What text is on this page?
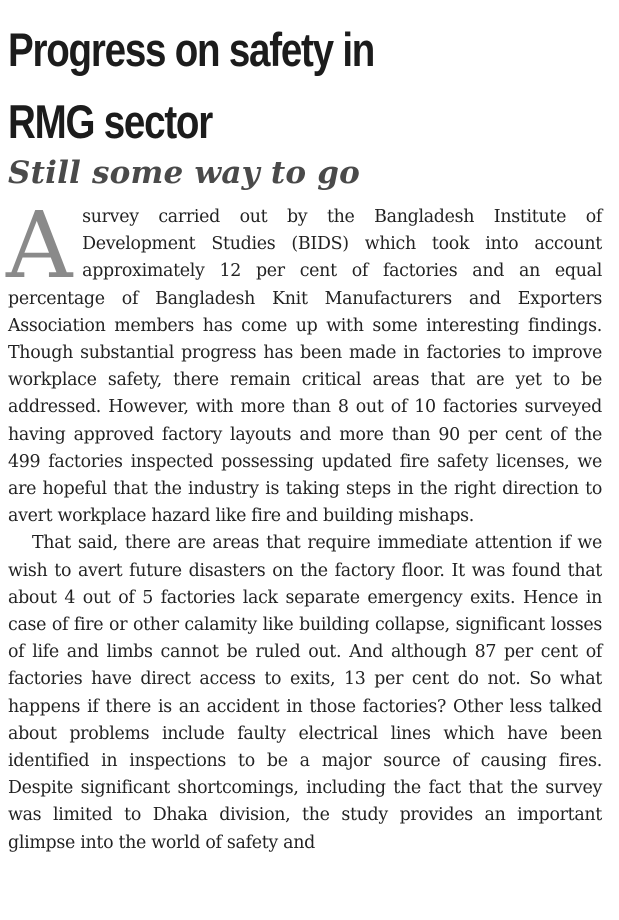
Progress on safety in
RMG sector
Still some way to go

Asurvey carried out by the Bangladesh Institute of Development Studies (BIDS) which took into account approximately 12 per cent of factories and an equal percentage of Bangladesh Knit Manufacturers and Exporters Association members has come up with some interesting findings. Though substantial progress has been made in factories to improve workplace safety, there remain critical areas that are yet to be addressed. However, with more than 8 out of 10 factories surveyed having approved factory layouts and more than 90 per cent of the 499 factories inspected possessing updated fire safety licenses, we are hopeful that the industry is taking steps in the right direction to avert workplace hazard like fire and building mishaps.

That said, there are areas that require immediate attention if we wish to avert future disasters on the factory floor. It was found that about 4 out of 5 factories lack separate emergency exits. Hence in case of fire or other calamity like building collapse, significant losses of life and limbs cannot be ruled out. And although 87 per cent of factories have direct access to exits, 13 per cent do not. So what happens if there is an accident in those factories? Other less talked about problems include faulty electrical lines which have been identified in inspections to be a major source of causing fires. Despite significant shortcomings, including the fact that the survey was limited to Dhaka division, the study provides an important glimpse into the world of safety and
